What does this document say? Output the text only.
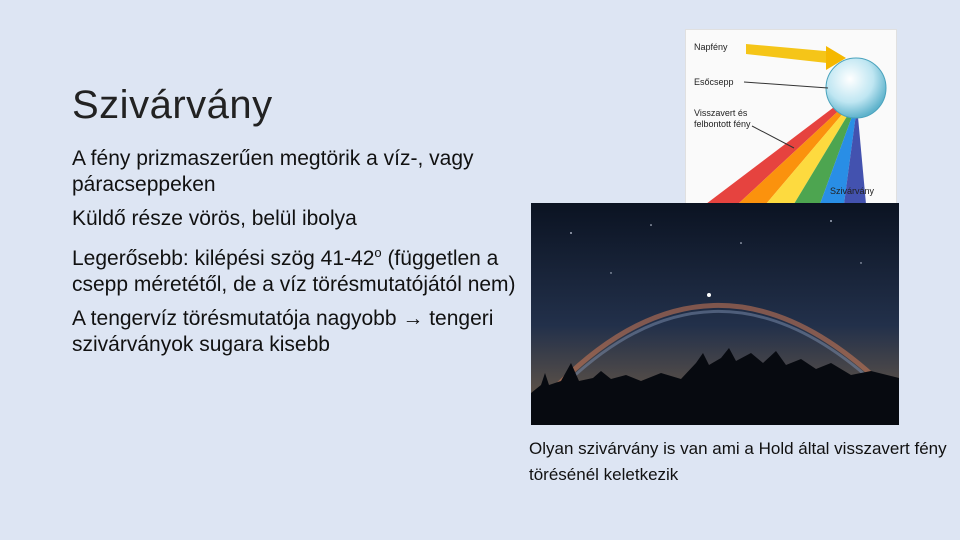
Szivárvány
A fény prizmaszerűen megtörik a víz-, vagy páracseppeken
Küldő része vörös, belül ibolya
Legerősebb: kilépési szög 41-42$^o$ (független a csepp méretétől, de a víz törésmutatójától nem)
A tengervíz törésmutatója nagyobb → tengeri szivárványok sugara kisebb
Napfény
Esőcsepp
Visszavert és
felbontott fény
Szivárvány
Olyan szivárvány is van ami a Hold által visszavert fény törésénél keletkezik
